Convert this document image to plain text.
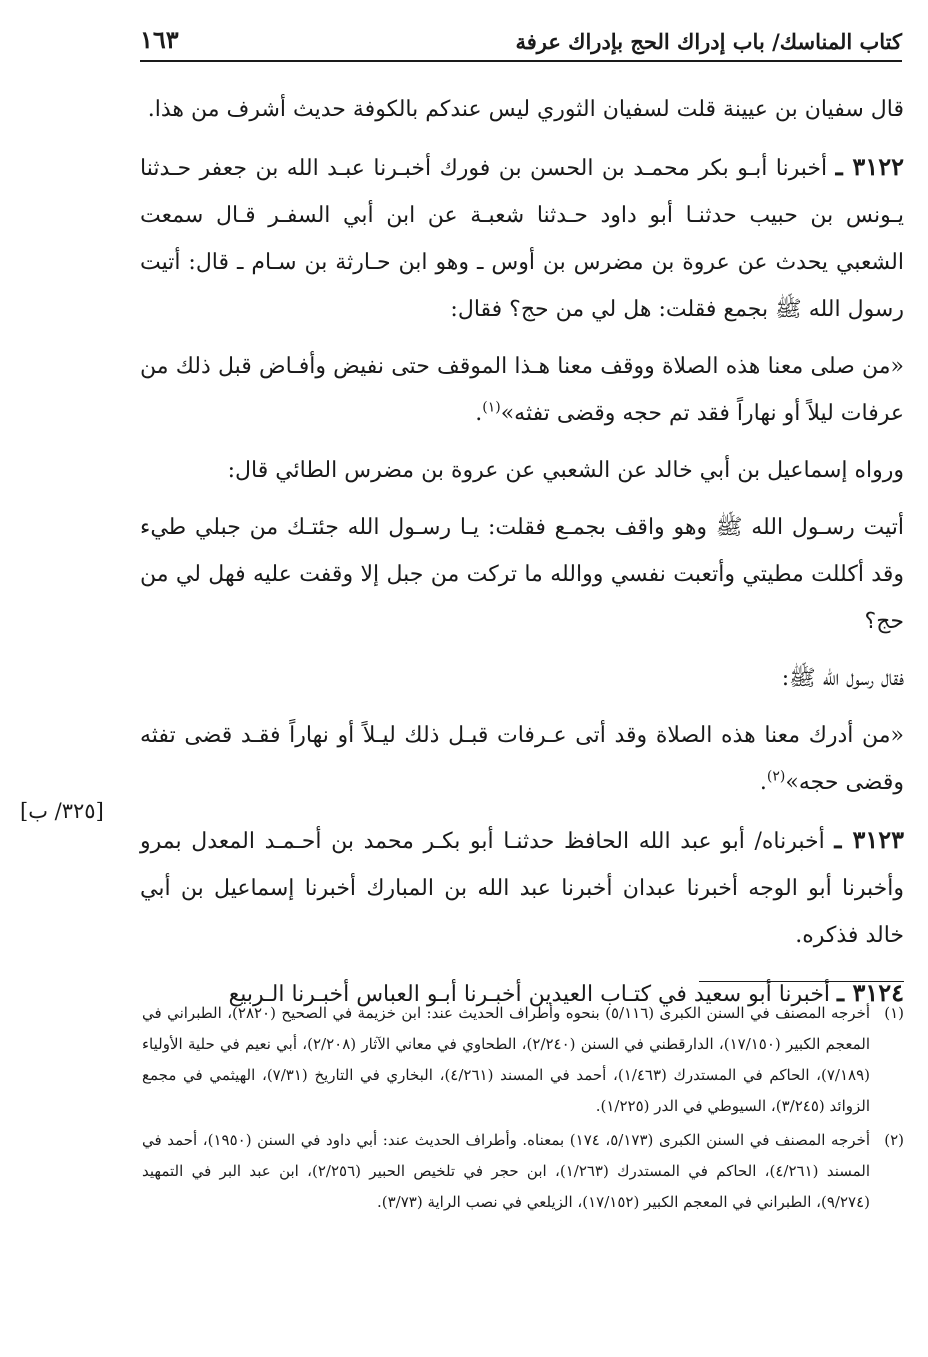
كتاب المناسك/ باب إدراك الحج بإدراك عرفة
١٦٣

قال سفيان بن عيينة قلت لسفيان الثوري ليس عندكم بالكوفة حديث أشرف من هذا.

٣١٢٢ ـ أخبرنا أبـو بكر محمـد بن الحسن بن فورك أخبـرنا عبـد الله بن جعفر حـدثنا يـونس بن حبيب حدثنـا أبو داود حـدثنا شعبـة عن ابن أبي السفـر قـال سمعت الشعبي يحدث عن عروة بن مضرس بن أوس ـ وهو ابن حـارثة بن سـام ـ قال: أتيت رسول الله ﷺ بجمع فقلت: هل لي من حج؟ فقال:

«من صلى معنا هذه الصلاة ووقف معنا هـذا الموقف حتى نفيض وأفـاض قبل ذلك من عرفات ليلاً أو نهاراً فقد تم حجه وقضى تفثه»$^{(١)}$.

ورواه إسماعيل بن أبي خالد عن الشعبي عن عروة بن مضرس الطائي قال:

أتيت رسـول الله ﷺ وهو واقف بجمـع فقلت: يـا رسـول الله جئتـك من جبلي طيء وقد أكللت مطيتي وأتعبت نفسي ووالله ما تركت من جبل إلا وقفت عليه فهل لي من حج؟

فقال رسول الله ﷺ:

«من أدرك معنا هذه الصلاة وقد أتى عـرفات قبـل ذلك ليـلاً أو نهاراً فقـد قضى تفثه وقضى حجه»$^{(٢)}$.

٣١٢٣ ـ أخبرناه/ أبو عبد الله الحافظ حدثنـا أبو بكـر محمد بن أحـمـد المعدل بمرو وأخبرنا أبو الوجه أخبرنا عبدان أخبرنا عبد الله بن المبارك أخبرنا إسماعيل بن أبي خالد فذكره.

٣١٢٤ ـ أخبرنا أبو سعيد في كتـاب العيدين أخبـرنا أبـو العباس أخبـرنا الـربيع

[٣٢٥/ ب]
(١)
أخرجه المصنف في السنن الكبرى (٥/١١٦) بنحوه وأطراف الحديث عند: ابن خزيمة في الصحيح (٢٨٢٠)، الطبراني في المعجم الكبير (١٧/١٥٠)، الدارقطني في السنن (٢/٢٤٠)، الطحاوي في معاني الآثار (٢/٢٠٨)، أبي نعيم في حلية الأولياء (٧/١٨٩)، الحاكم في المستدرك (١/٤٦٣)، أحمد في المسند (٤/٢٦١)، البخاري في التاريخ (٧/٣١)، الهيثمي في مجمع الزوائد (٣/٢٤٥)، السيوطي في الدر (١/٢٢٥).
(٢)
أخرجه المصنف في السنن الكبرى (٥/١٧٣، ١٧٤) بمعناه. وأطراف الحديث عند: أبي داود في السنن (١٩٥٠)، أحمد في المسند (٤/٢٦١)، الحاكم في المستدرك (١/٢٦٣)، ابن حجر في تلخيص الحبير (٢/٢٥٦)، ابن عبد البر في التمهيد (٩/٢٧٤)، الطبراني في المعجم الكبير (١٧/١٥٢)، الزيلعي في نصب الراية (٣/٧٣).
